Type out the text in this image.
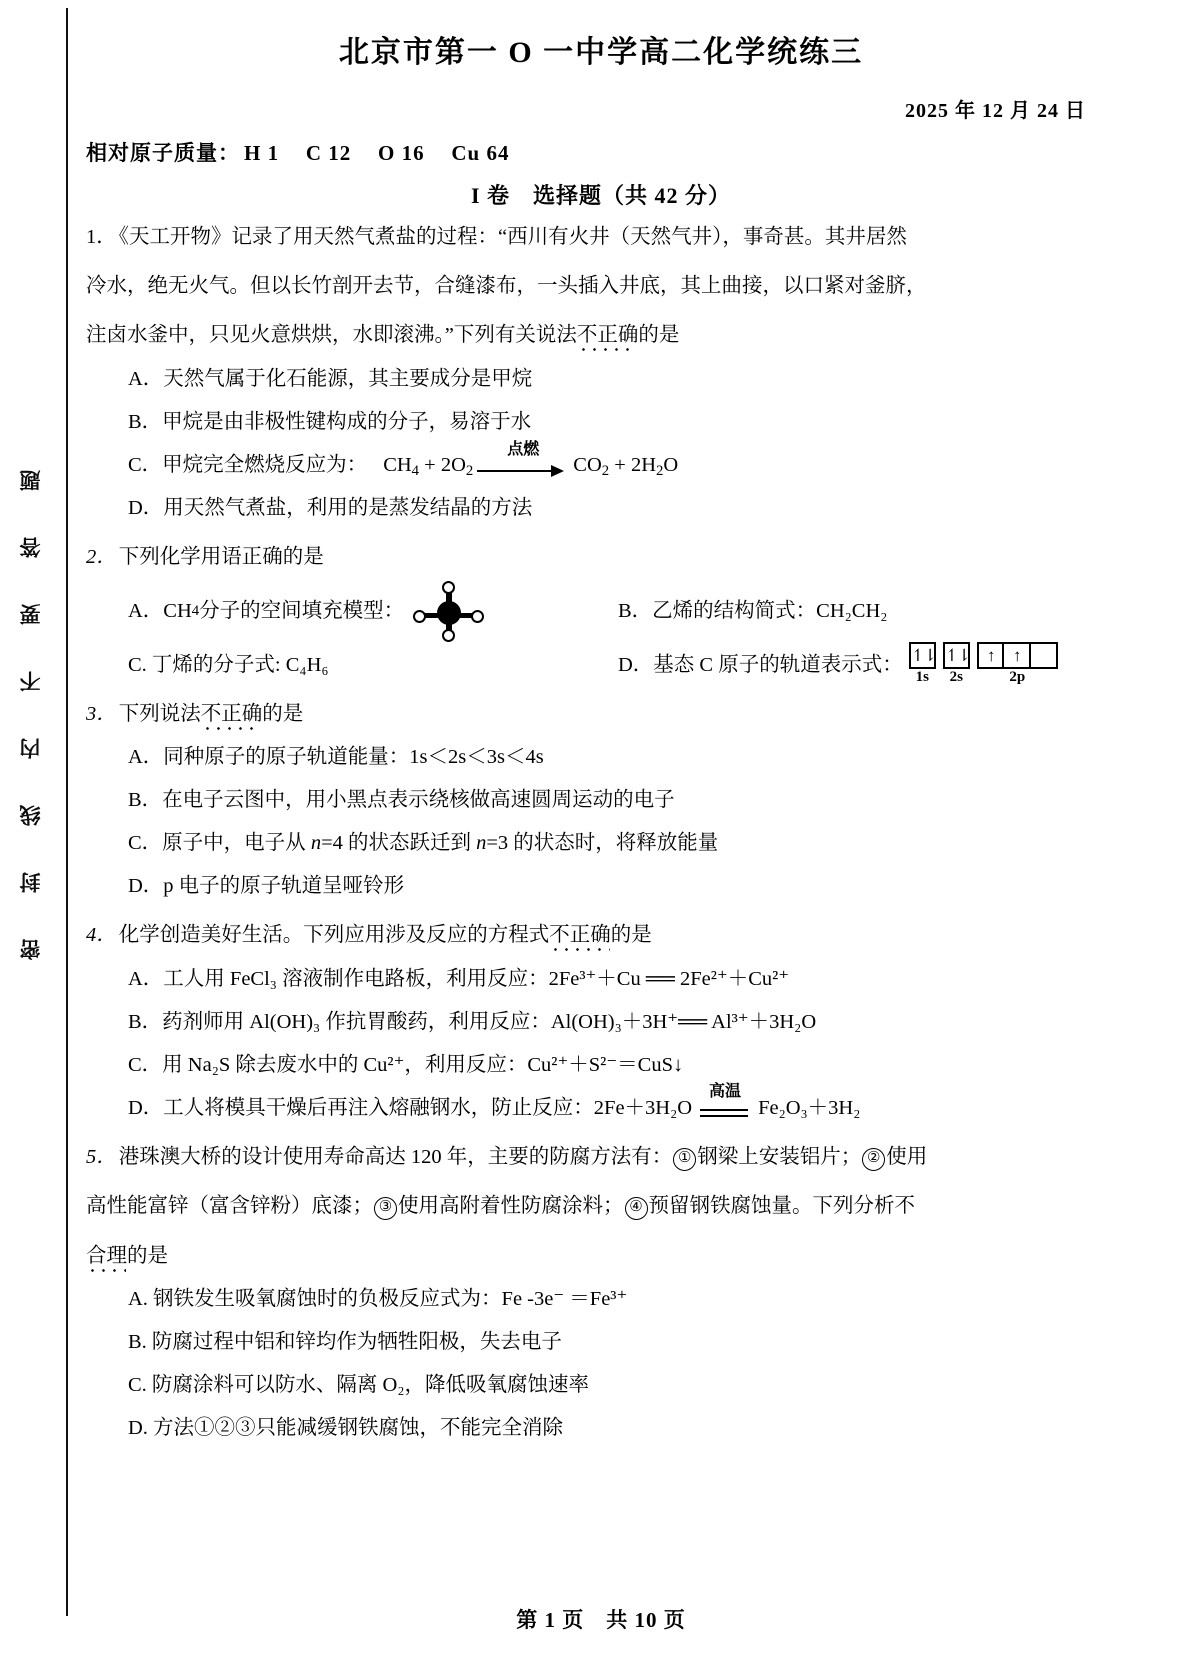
题
答
要
不
内
线
封
密
北京市第一 O 一中学高二化学统练三
2025 年 12 月 24 日
相对原子质量： H 1 C 12 O 16 Cu 64
I 卷　选择题（共 42 分）
1．《天工开物》记录了用天然气煮盐的过程：“西川有火井（天然气井），事奇甚。其井居然
冷水，绝无火气。但以长竹剖开去节，合缝漆布，一头插入井底，其上曲接，以口紧对釜脐，
注卤水釜中，只见火意烘烘，水即滚沸。”下列有关说法不正确的是
A．天然气属于化石能源，其主要成分是甲烷
B．甲烷是由非极性键构成的分子，易溶于水
C．甲烷完全燃烧反应为： $CH_4 + 2O_2$
点燃
$CO_2 + 2H_2O$
D．用天然气煮盐，利用的是蒸发结晶的方法
2．下列化学用语正确的是
A．CH 4 分子的空间填充模型：	B．乙烯的结构简式：CH₂CH₂
C. 丁烯的分子式: C₄H₆	D．基态 C 原子的轨道表示式： ↿⇂
1s
↿⇂
2s
↑	↑
2p
3．下列说法不正确的是
A．同种原子的原子轨道能量：1s＜2s＜3s＜4s
B．在电子云图中，用小黑点表示绕核做高速圆周运动的电子
C．原子中，电子从 n=4 的状态跃迁到 n=3 的状态时，将释放能量
D．p 电子的原子轨道呈哑铃形
4．化学创造美好生活。下列应用涉及反应的方程式不正确的是
A．工人用 FeCl₃ 溶液制作电路板，利用反应：2Fe³⁺＋Cu ══ 2Fe²⁺＋Cu²⁺
B．药剂师用 Al(OH)₃ 作抗胃酸药，利用反应：Al(OH)₃＋3H⁺══ Al³⁺＋3H₂O
C．用 Na₂S 除去废水中的 Cu²⁺，利用反应：Cu²⁺＋S²⁻＝CuS↓
D．工人将模具干燥后再注入熔融钢水，防止反应：2Fe＋3H₂O
高温
Fe₂O₃＋3H₂
5．港珠澳大桥的设计使用寿命高达 120 年，主要的防腐方法有： ① 钢梁上安装铝片； ② 使用
高性能富锌（富含锌粉）底漆； ③ 使用高附着性防腐涂料； ④ 预留钢铁腐蚀量。下列分析不
合理的是
A. 钢铁发生吸氧腐蚀时的负极反应式为：Fe -3e⁻ ＝Fe³⁺
B. 防腐过程中铝和锌均作为牺牲阳极，失去电子
C. 防腐涂料可以防水、隔离 O₂，降低吸氧腐蚀速率
D. 方法①②③只能减缓钢铁腐蚀，不能完全消除
第 1 页　共 10 页
